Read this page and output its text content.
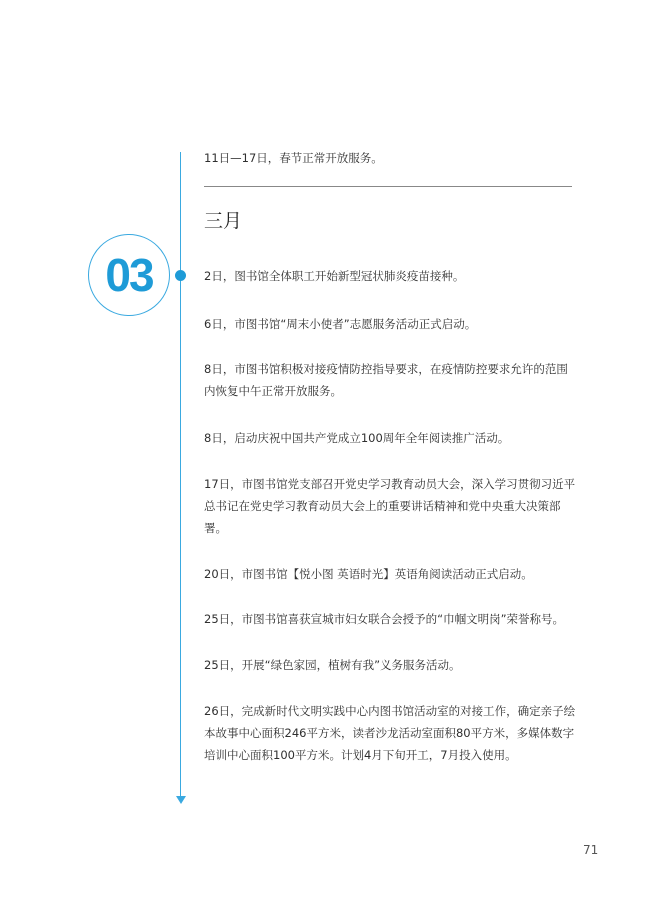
03

11日—17日，春节正常开放服务。

三月

2日，图书馆全体职工开始新型冠状肺炎疫苗接种。

6日，市图书馆“周末小使者”志愿服务活动正式启动。

8日，市图书馆积极对接疫情防控指导要求，在疫情防控要求允许的范围内恢复中午正常开放服务。

8日，启动庆祝中国共产党成立100周年全年阅读推广活动。

17日，市图书馆党支部召开党史学习教育动员大会，深入学习贯彻习近平总书记在党史学习教育动员大会上的重要讲话精神和党中央重大决策部署。

20日，市图书馆【悦小图 英语时光】英语角阅读活动正式启动。

25日，市图书馆喜获宣城市妇女联合会授予的“巾帼文明岗”荣誉称号。

25日，开展“绿色家园，植树有我”义务服务活动。

26日，完成新时代文明实践中心内图书馆活动室的对接工作，确定亲子绘本故事中心面积246平方米，读者沙龙活动室面积80平方米，多媒体数字培训中心面积100平方米。计划4月下旬开工，7月投入使用。

71
